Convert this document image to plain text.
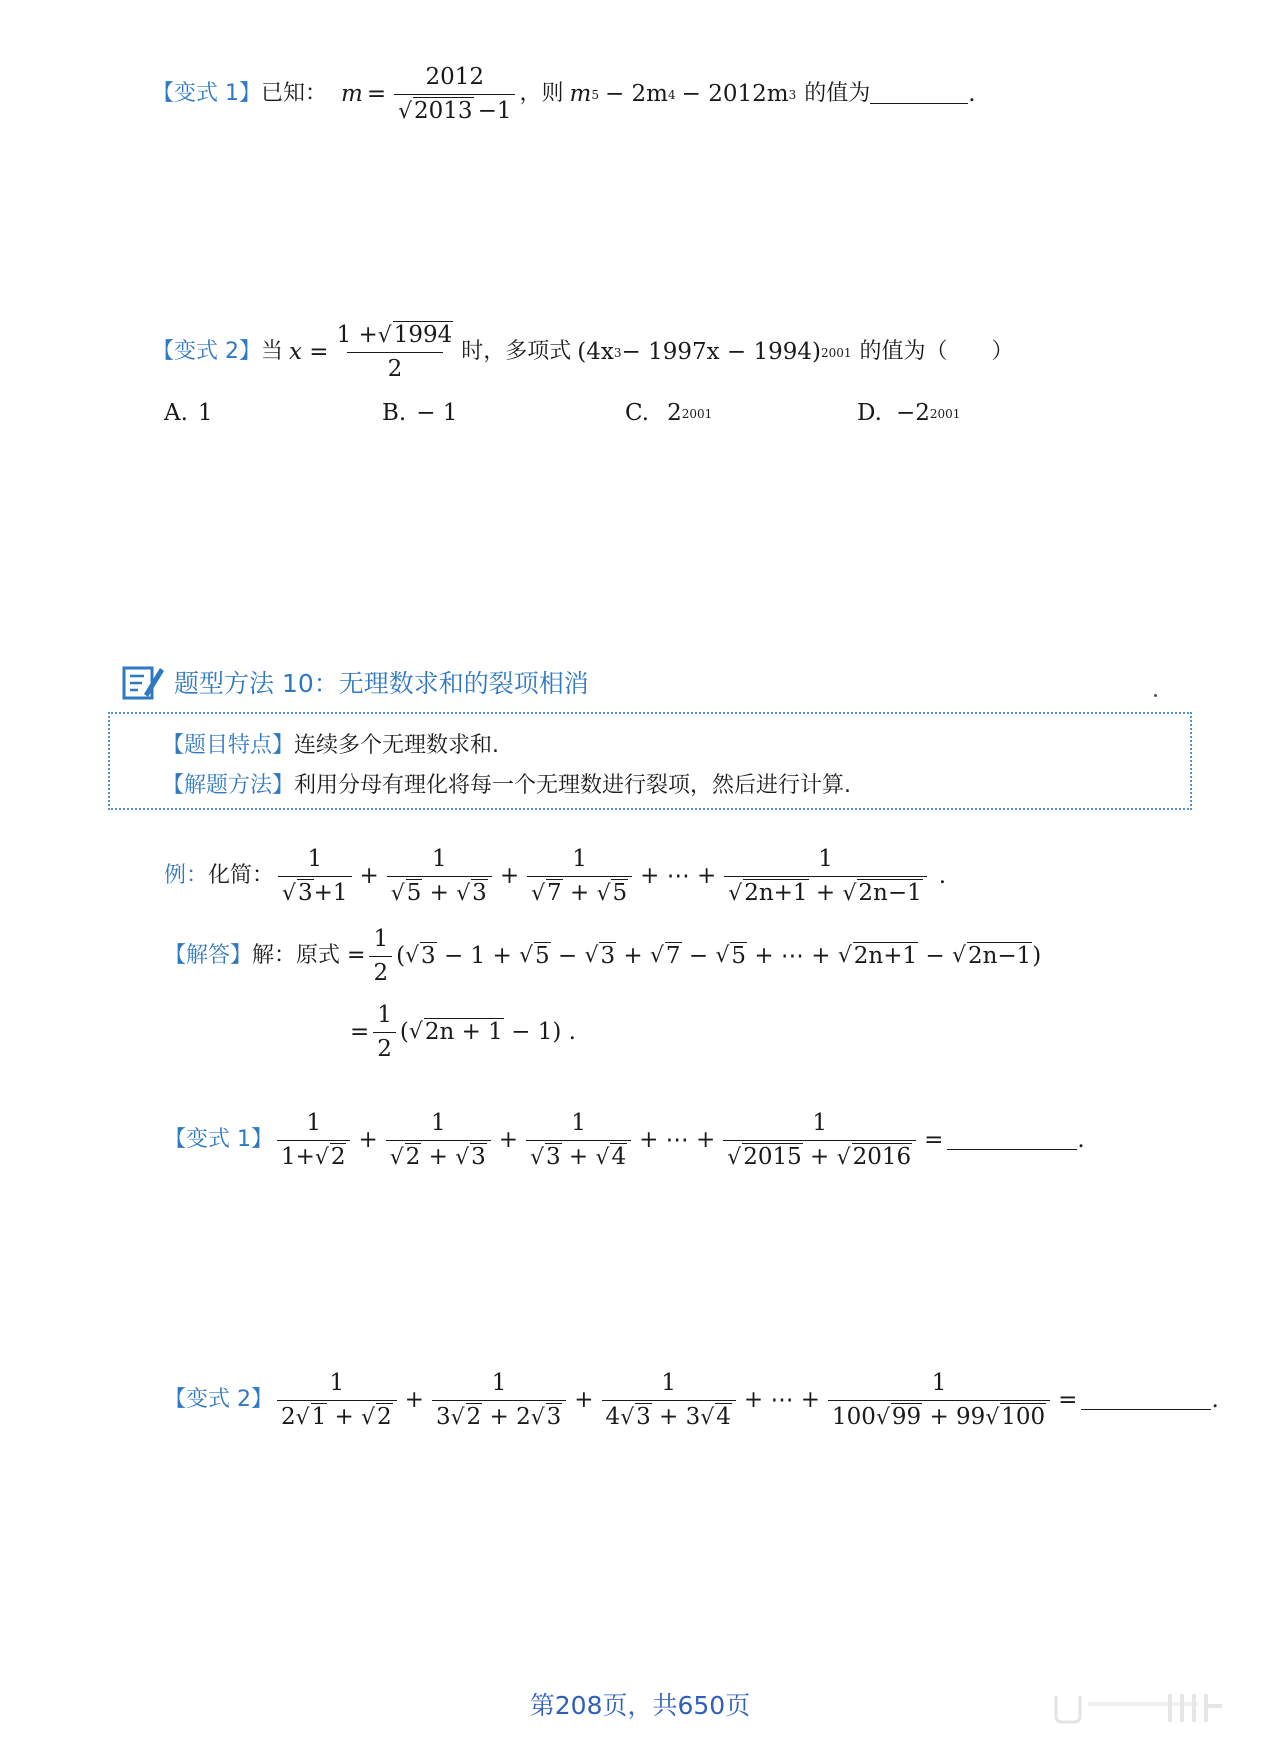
【变式 1】 已知： $m = \frac{2012}{√2013 -1}$ ，则 m 5 − 2m 4 − 2012m 3 的值为	.
【变式 2】 当 $x = \frac{1 +√1994}{2}$ 时，多项式 (4x 3 − 1997x − 1994) 2001 的值为（　　）
A. 1	B. − 1	C. 2 2001	D. −2 2001
题型方法 10：无理数求和的裂项相消
【题目特点】连续多个无理数求和.
【解题方法】利用分母有理化将每一个无理数进行裂项，然后进行计算.
例： 化简： $\frac{1}{√3+1} + \frac{1}{√5 + √3} + \frac{1}{√7 + √5}$ + ⋯ + $\frac{1}{√2n+1 + √2n-1}$ .
【解答】 解：原式 = $\frac{1}{2}$ ( √ 3 − 1 + √ 5 − √ 3 + √ 7 − √ 5 + ⋯ + √ 2n+1 − √ 2n−1 )
= $\frac{1}{2}$ ( √ 2n + 1 − 1) .
【变式 1】 $\frac{1}{1+√2} + \frac{1}{√2 + √3} + \frac{1}{√3 + √4}$ + ⋯ + $\frac{1}{√2015 + √2016}$ =	.
【变式 2】 $\frac{1}{2√1 + √2} + \frac{1}{3√2 + 2√3} + \frac{1}{4√3 + 3√4}$ + ⋯ + $\frac{1}{100√99 + 99√100}$ =	.
第208页，共650页
